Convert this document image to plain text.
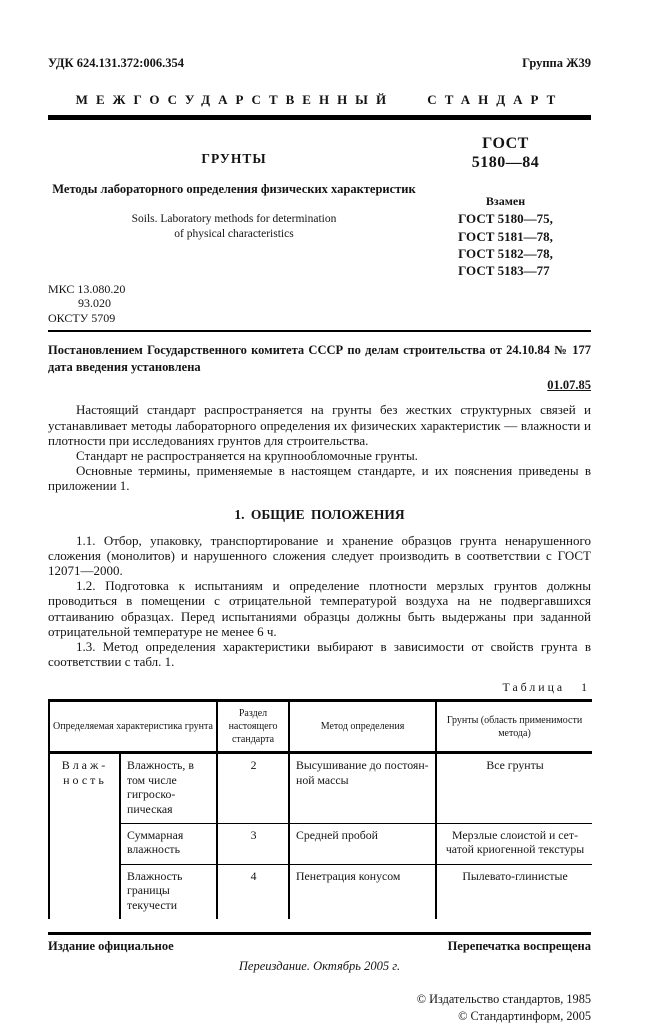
УДК 624.131.372:006.354	Группа Ж39
МЕЖГОСУДАРСТВЕННЫЙ СТАНДАРТ
ГРУНТЫ
Методы лабораторного определения физических характеристик
Soils. Laboratory methods for determination
of physical characteristics
ГОСТ
5180—84
Взамен
ГОСТ 5180—75,
ГОСТ 5181—78,
ГОСТ 5182—78,
ГОСТ 5183—77
МКС 13.080.20
93.020
ОКСТУ 5709

Постановлением Государственного комитета СССР по делам строительства от 24.10.84 № 177 дата введения установлена

01.07.85

Настоящий стандарт распространяется на грунты без жестких структурных связей и устанавливает методы лабораторного определения их физических характеристик — влажности и плотности при исследованиях грунтов для строительства.

Стандарт не распространяется на крупнообломочные грунты.

Основные термины, применяемые в настоящем стандарте, и их пояснения приведены в приложении 1.

1. ОБЩИЕ ПОЛОЖЕНИЯ

1.1. Отбор, упаковку, транспортирование и хранение образцов грунта ненарушенного сложения (монолитов) и нарушенного сложения следует производить в соответствии с ГОСТ 12071—2000.

1.2. Подготовка к испытаниям и определение плотности мерзлых грунтов должны проводиться в помещении с отрицательной температурой воздуха на не подвергавшихся оттаиванию образцах. Перед испытаниями образцы должны быть выдержаны при заданной отрицательной температуре не менее 6 ч.

1.3. Метод определения характеристики выбирают в зависимости от свойств грунта в соответствии с табл. 1.

Таблица 1
Определяемая характеристика грунта		Раздел настоящего стандарта	Метод определения	Грунты (область применимости метода)

Влаж-
ность	Влажность, в том числе гигроскопическая	2	Высушивание до постоянной массы	Все грунты
	Суммарная влажность	3	Средней пробой	Мерзлые слоистой и сетчатой криогенной текстуры
	Влажность границы текучести	4	Пенетрация конусом	Пылевато-глинистые
Издание официальное	Перепечатка воспрещена
Переиздание. Октябрь 2005 г.
© Издательство стандартов, 1985
© Стандартинформ, 2005
